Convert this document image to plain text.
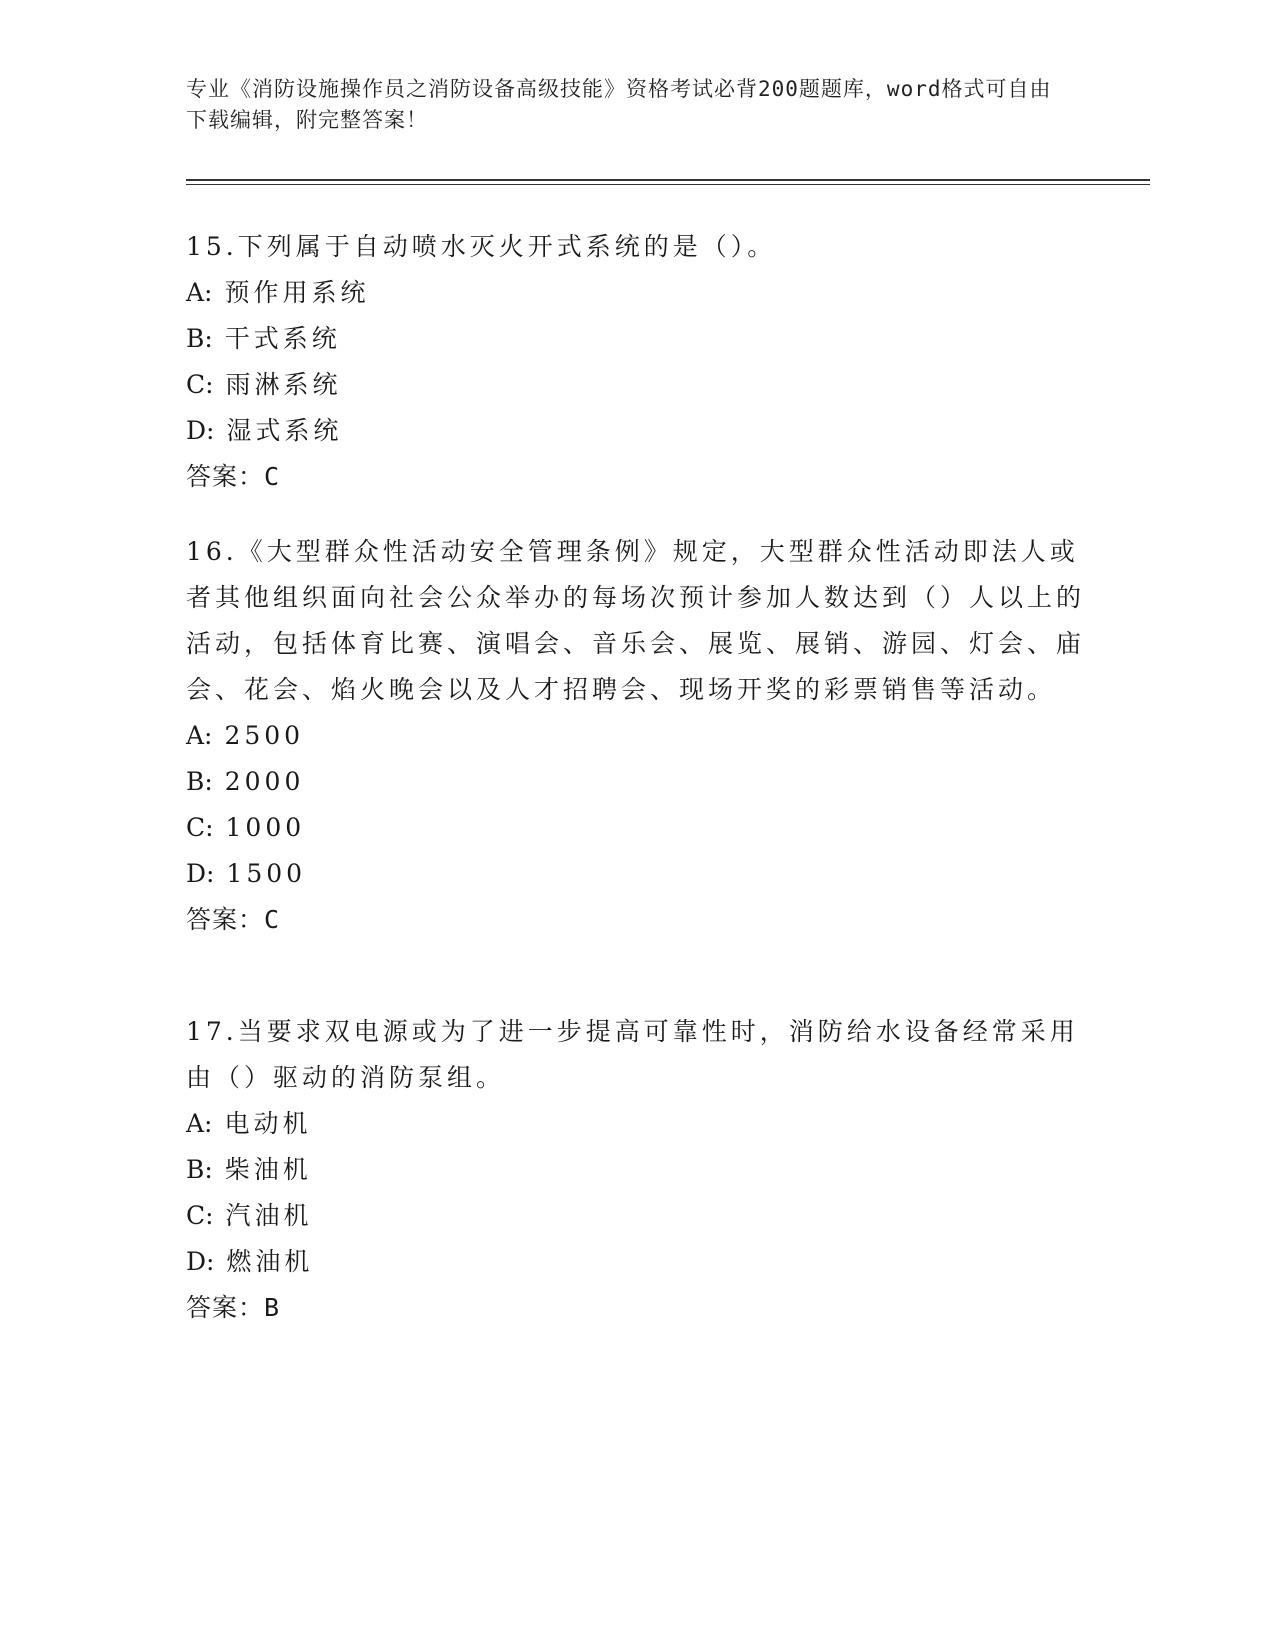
专业《消防设施操作员之消防设备高级技能》资格考试必背200题题库，word格式可自由下载编辑，附完整答案！

15.下列属于自动喷水灭火开式系统的是（）。

A: 预作用系统

B: 干式系统

C: 雨淋系统

D: 湿式系统

答案：C

16.《大型群众性活动安全管理条例》规定，大型群众性活动即法人或者其他组织面向社会公众举办的每场次预计参加人数达到（）人以上的活动，包括体育比赛、演唱会、音乐会、展览、展销、游园、灯会、庙会、花会、焰火晚会以及人才招聘会、现场开奖的彩票销售等活动。

A: 2500

B: 2000

C: 1000

D: 1500

答案：C

17.当要求双电源或为了进一步提高可靠性时，消防给水设备经常采用由（）驱动的消防泵组。

A: 电动机

B: 柴油机

C: 汽油机

D: 燃油机

答案：B
